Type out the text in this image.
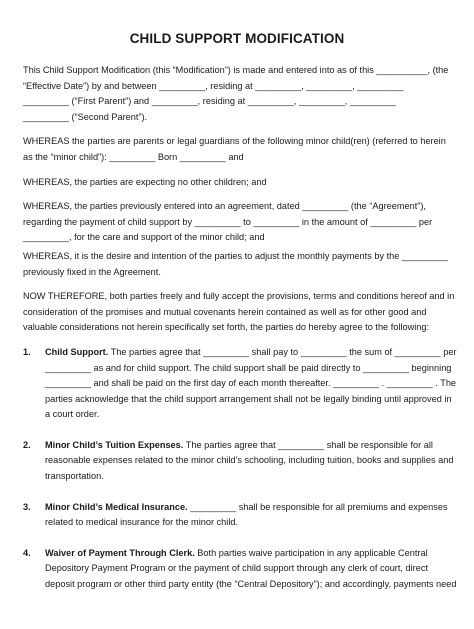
CHILD SUPPORT MODIFICATION
This Child Support Modification (this “Modification”) is made and entered into as of this __________, (the
“Effective Date”) by and between _________, residing at _________, _________, _________
_________ (“First Parent”) and _________, residing at _________, _________, _________
_________ (“Second Parent”).
WHEREAS the parties are parents or legal guardians of the following minor child(ren) (referred to herein
as the “minor child”): _________ Born _________ and
WHEREAS, the parties are expecting no other children; and
WHEREAS, the parties previously entered into an agreement, dated _________ (the “Agreement”),
regarding the payment of child support by _________ to _________ in the amount of _________ per
_________, for the care and support of the minor child; and
WHEREAS, it is the desire and intention of the parties to adjust the monthly payments by the _________
previously fixed in the Agreement.
NOW THEREFORE, both parties freely and fully accept the provisions, terms and conditions hereof and in
consideration of the promises and mutual covenants herein contained as well as for other good and
valuable considerations not herein specifically set forth, the parties do hereby agree to the following:
1. Child Support. The parties agree that _________ shall pay to _________ the sum of _________ per
_________ as and for child support. The child support shall be paid directly to _________ beginning
_________ and shall be paid on the first day of each month thereafter. _________ . _________ . The
parties acknowledge that the child support arrangement shall not be legally binding until approved in
a court order.
2. Minor Child’s Tuition Expenses. The parties agree that _________ shall be responsible for all
reasonable expenses related to the minor child’s schooling, including tuition, books and supplies and
transportation.
3. Minor Child’s Medical Insurance. _________ shall be responsible for all premiums and expenses
related to medical insurance for the minor child.
4. Waiver of Payment Through Clerk. Both parties waive participation in any applicable Central
Depository Payment Program or the payment of child support through any clerk of court, direct
deposit program or other third party entity (the “Central Depository”); and accordingly, payments need
